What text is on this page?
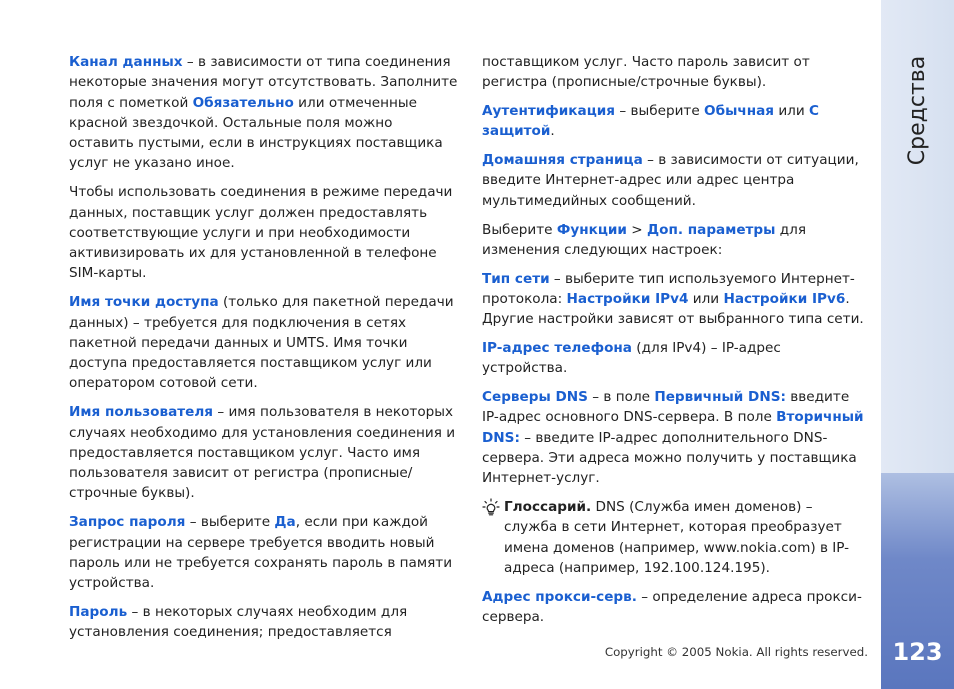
Средства
123

Канал данных – в зависимости от типа соединения некоторые значения могут отсутствовать. Заполните поля с пометкой Обязательно или отмеченные красной звездочкой. Остальные поля можно оставить пустыми, если в инструкциях поставщика услуг не указано иное.

Чтобы использовать соединения в режиме передачи данных, поставщик услуг должен предоставлять соответствующие услуги и при необходимости активизировать их для установленной в телефоне SIM-карты.

Имя точки доступа (только для пакетной передачи данных) – требуется для подключения в сетях пакетной передачи данных и UMTS. Имя точки доступа предоставляется поставщиком услуг или оператором сотовой сети.

Имя пользователя – имя пользователя в некоторых случаях необходимо для установления соединения и предоставляется поставщиком услуг. Часто имя пользователя зависит от регистра (прописные/ строчные буквы).

Запрос пароля – выберите Да, если при каждой регистрации на сервере требуется вводить новый пароль или не требуется сохранять пароль в памяти устройства.

Пароль – в некоторых случаях необходим для установления соединения; предоставляется

поставщиком услуг. Часто пароль зависит от регистра (прописные/строчные буквы).

Аутентификация – выберите Обычная или С защитой.

Домашняя страница – в зависимости от ситуации, введите Интернет-адрес или адрес центра мультимедийных сообщений.

Выберите Функции > Доп. параметры для изменения следующих настроек:

Тип сети – выберите тип используемого Интернет-протокола: Настройки IPv4 или Настройки IPv6. Другие настройки зависят от выбранного типа сети.

IP-адрес телефона (для IPv4) – IP-адрес устройства.

Серверы DNS – в поле Первичный DNS: введите IP-адрес основного DNS-сервера. В поле Вторичный DNS: – введите IP-адрес дополнительного DNS-сервера. Эти адреса можно получить у поставщика Интернет-услуг.

Глоссарий. DNS (Служба имен доменов) – служба в сети Интернет, которая преобразует имена доменов (например, www.nokia.com) в IP-адреса (например, 192.100.124.195).

Адрес прокси-серв. – определение адреса прокси-сервера.

Copyright © 2005 Nokia. All rights reserved.
